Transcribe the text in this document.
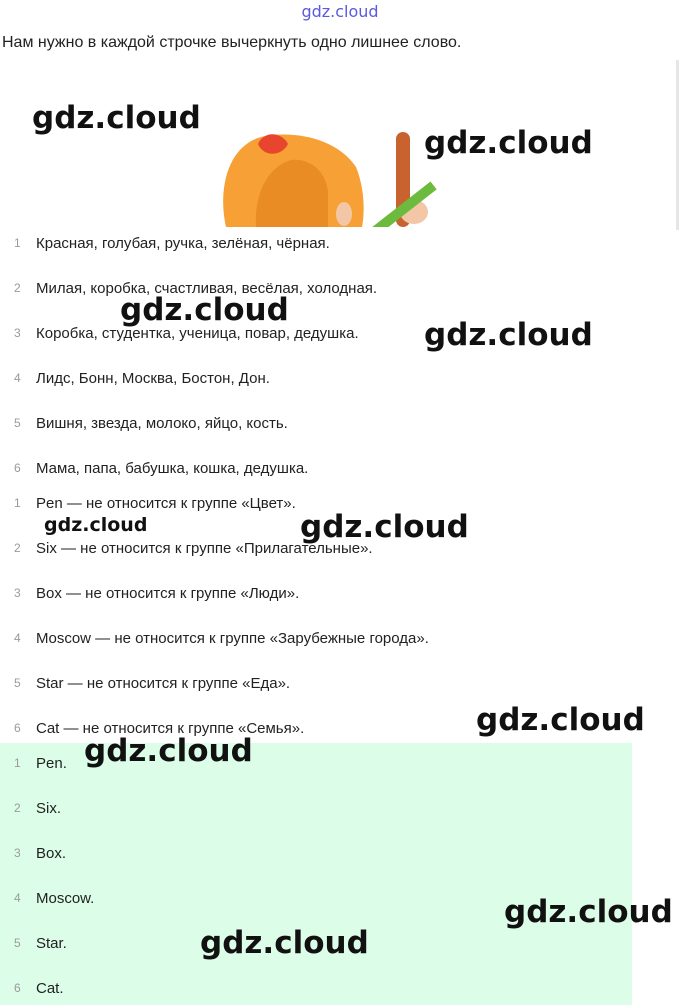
gdz.cloud
Нам нужно в каждой строчке вычеркнуть одно лишнее слово.
1 Красная, голубая, ручка, зелёная, чёрная.
2 Милая, коробка, счастливая, весёлая, холодная.
3 Коробка, студентка, ученица, повар, дедушка.
4 Лидс, Бонн, Москва, Бостон, Дон.
5 Вишня, звезда, молоко, яйцо, кость.
6 Мама, папа, бабушка, кошка, дедушка.
1 Pen — не относится к группе «Цвет».
2 Six — не относится к группе «Прилагательные».
3 Box — не относится к группе «Люди».
4 Moscow — не относится к группе «Зарубежные города».
5 Star — не относится к группе «Еда».
6 Cat — не относится к группе «Семья».
1 Pen.
2 Six.
3 Box.
4 Moscow.
5 Star.
6 Cat.
gdz.cloud
gdz.cloud
gdz.cloud
gdz.cloud
gdz.cloud	gdz.cloud
gdz.cloud
gdz.cloud
gdz.cloud
gdz.cloud
